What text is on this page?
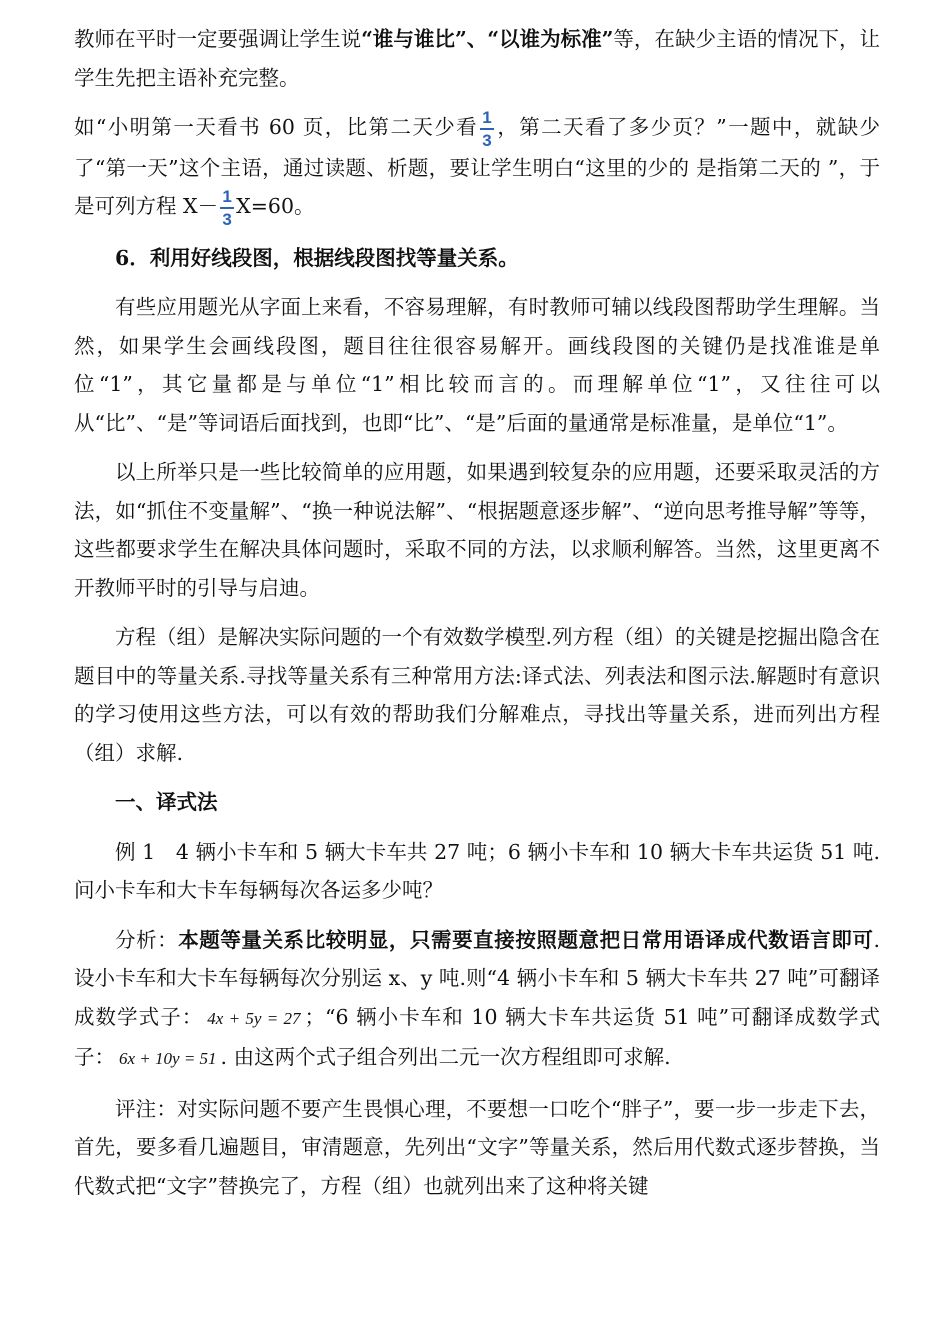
教师在平时一定要强调让学生说“谁与谁比”、“以谁为标准”等，在缺少主语的情况下，让学生先把主语补充完整。

如“小明第一天看书 60 页，比第二天少看 $\frac{1}{3}$ ，第二天看了多少页？”一题中，就缺少了“第一天”这个主语，通过读题、析题，要让学生明白“这里的少的 是指第二天的 ”，于是可列方程 $X- \frac{1}{3} X=60$。

6．利用好线段图，根据线段图找等量关系。

有些应用题光从字面上来看，不容易理解，有时教师可辅以线段图帮助学生理解。当然，如果学生会画线段图，题目往往很容易解开。画线段图的关键仍是找准谁是单位“1”，其它量都是与单位“1”相比较而言的。而理解单位“1”，又往往可以从“比”、“是”等词语后面找到，也即“比”、“是”后面的量通常是标准量，是单位“1”。

以上所举只是一些比较简单的应用题，如果遇到较复杂的应用题，还要采取灵活的方法，如“抓住不变量解”、“换一种说法解”、“根据题意逐步解”、“逆向思考推导解”等等，这些都要求学生在解决具体问题时，采取不同的方法，以求顺利解答。当然，这里更离不开教师平时的引导与启迪。

方程（组）是解决实际问题的一个有效数学模型.列方程（组）的关键是挖掘出隐含在题目中的等量关系.寻找等量关系有三种常用方法:译式法、列表法和图示法.解题时有意识的学习使用这些方法，可以有效的帮助我们分解难点，寻找出等量关系，进而列出方程（组）求解.

一、译式法

例 1　4 辆小卡车和 5 辆大卡车共 27 吨；6 辆小卡车和 10 辆大卡车共运货 51 吨.问小卡车和大卡车每辆每次各运多少吨？

分析：本题等量关系比较明显，只需要直接按照题意把日常用语译成代数语言即可.设小卡车和大卡车每辆每次分别运 x、y 吨.则“4 辆小卡车和 5 辆大卡车共 27 吨”可翻译成数学式子： 4x + 5y = 27 ；“6 辆小卡车和 10 辆大卡车共运货 51 吨”可翻译成数学式子： 6x + 10y = 51 . 由这两个式子组合列出二元一次方程组即可求解.

评注：对实际问题不要产生畏惧心理，不要想一口吃个“胖子”，要一步一步走下去，首先，要多看几遍题目，审清题意，先列出“文字”等量关系，然后用代数式逐步替换，当代数式把“文字”替换完了，方程（组）也就列出来了这种将关键
